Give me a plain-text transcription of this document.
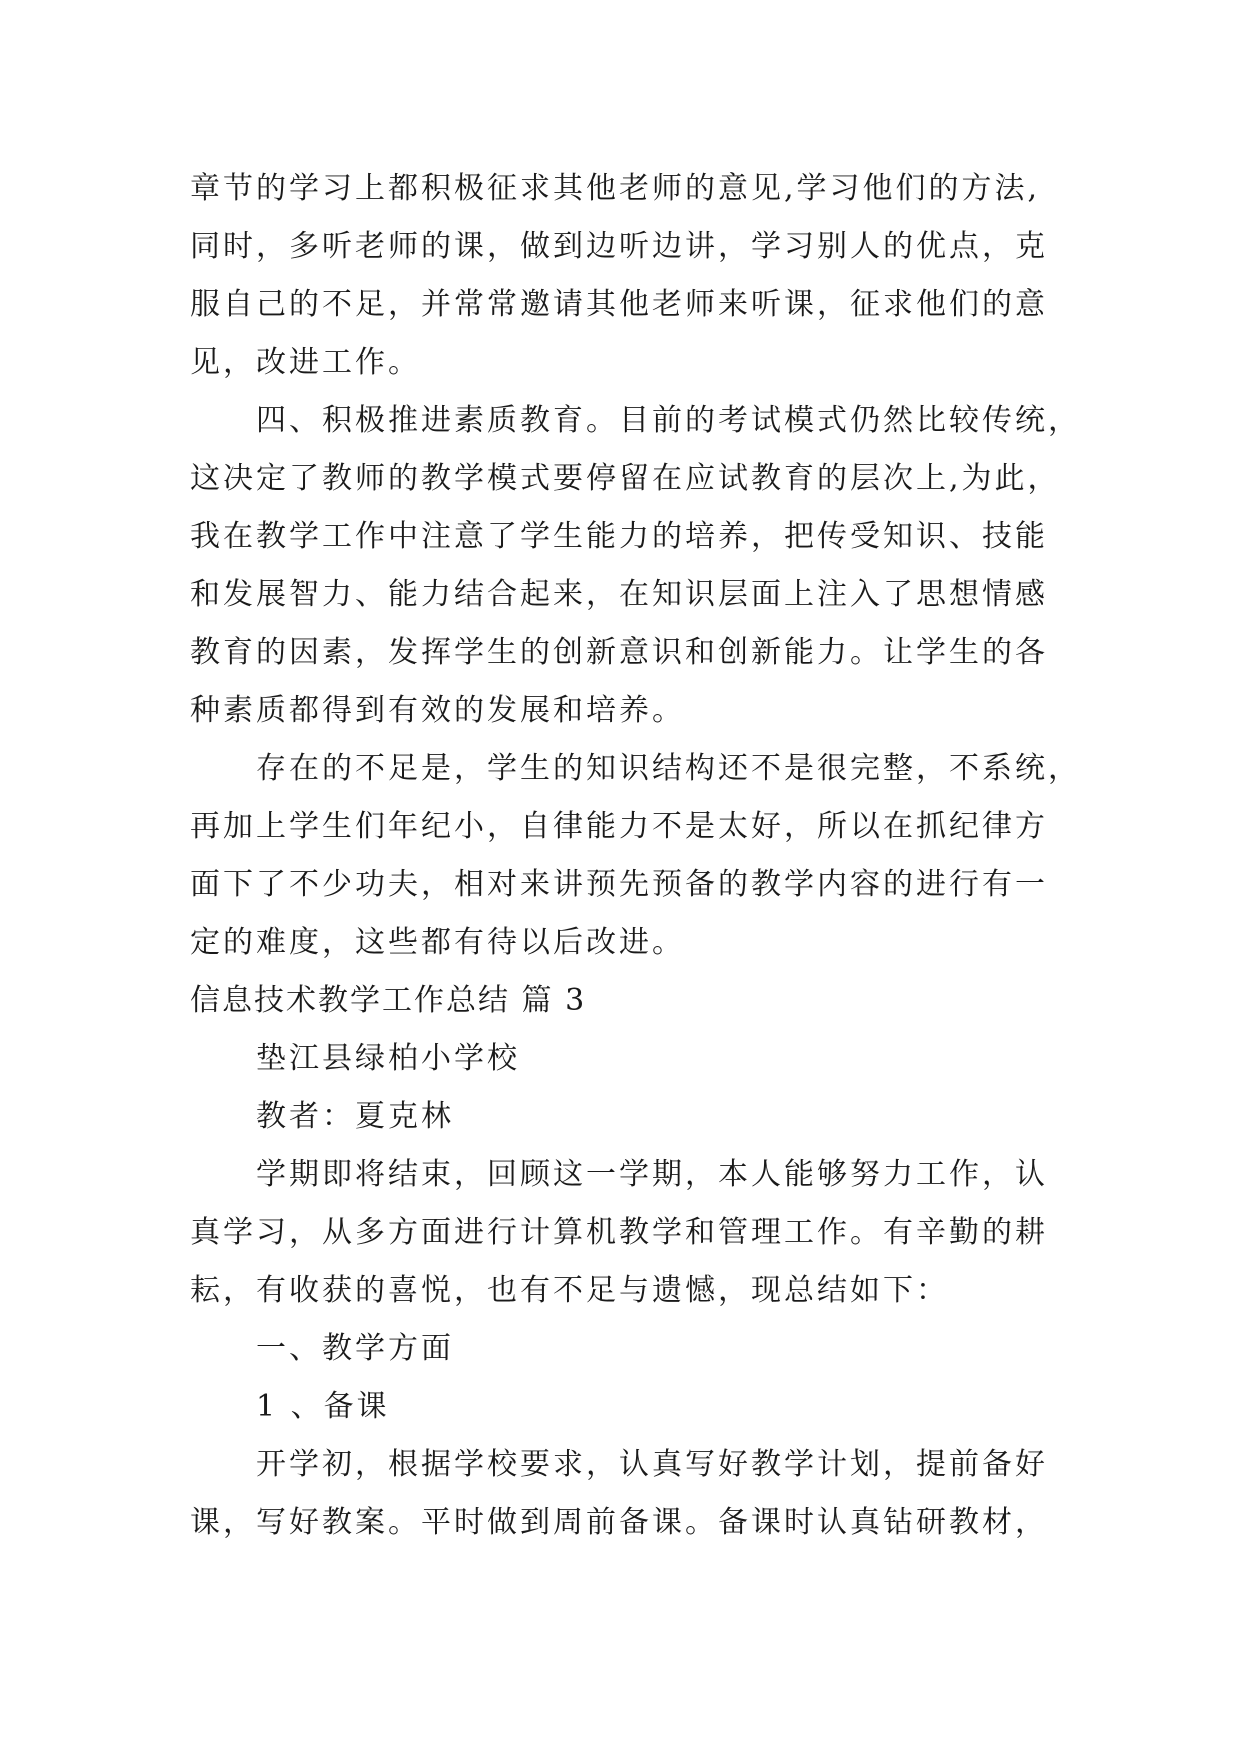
章节的学习上都积极征求其他老师的意见,学习他们的方法,
同时，多听老师的课，做到边听边讲，学习别人的优点，克
服自己的不足，并常常邀请其他老师来听课，征求他们的意
见，改进工作。
四、积极推进素质教育。目前的考试模式仍然比较传统，
这决定了教师的教学模式要停留在应试教育的层次上,为此，
我在教学工作中注意了学生能力的培养，把传受知识、技能
和发展智力、能力结合起来，在知识层面上注入了思想情感
教育的因素，发挥学生的创新意识和创新能力。让学生的各
种素质都得到有效的发展和培养。
存在的不足是，学生的知识结构还不是很完整，不系统，
再加上学生们年纪小，自律能力不是太好，所以在抓纪律方
面下了不少功夫，相对来讲预先预备的教学内容的进行有一
定的难度，这些都有待以后改进。
信息技术教学工作总结 篇 3
垫江县绿柏小学校
教者：夏克林
学期即将结束，回顾这一学期，本人能够努力工作，认
真学习，从多方面进行计算机教学和管理工作。有辛勤的耕
耘，有收获的喜悦，也有不足与遗憾，现总结如下：
一、教学方面
1 、备课
开学初，根据学校要求，认真写好教学计划，提前备好
课，写好教案。平时做到周前备课。备课时认真钻研教材，
